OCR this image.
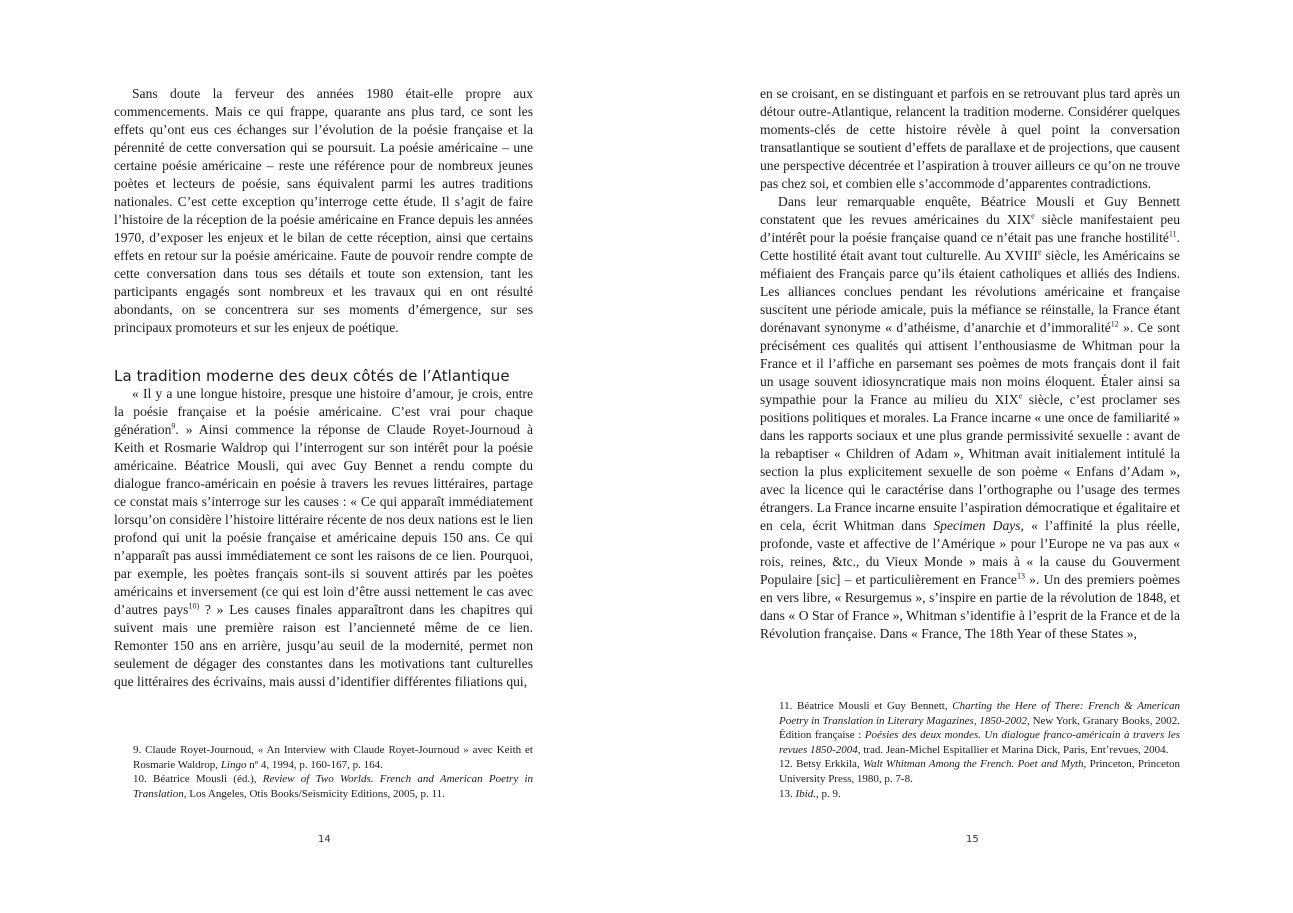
Sans doute la ferveur des années 1980 était-elle propre aux commencements. Mais ce qui frappe, quarante ans plus tard, ce sont les effets qu’ont eus ces échanges sur l’évolution de la poésie française et la pérennité de cette conversation qui se poursuit. La poésie américaine – une certaine poésie américaine – reste une référence pour de nombreux jeunes poètes et lecteurs de poésie, sans équivalent parmi les autres traditions nationales. C’est cette exception qu’interroge cette étude. Il s’agit de faire l’histoire de la réception de la poésie américaine en France depuis les années 1970, d’exposer les enjeux et le bilan de cette réception, ainsi que certains effets en retour sur la poésie américaine. Faute de pouvoir rendre compte de cette conversation dans tous ses détails et toute son extension, tant les participants engagés sont nombreux et les travaux qui en ont résulté abondants, on se concentrera sur ses moments d’émergence, sur ses principaux promoteurs et sur les enjeux de poétique.

La tradition moderne des deux côtés de l’Atlantique

« Il y a une longue histoire, presque une histoire d’amour, je crois, entre la poésie française et la poésie américaine. C’est vrai pour chaque génération$^9$. » Ainsi commence la réponse de Claude Royet-Journoud à Keith et Rosmarie Waldrop qui l’interrogent sur son intérêt pour la poésie américaine. Béatrice Mousli, qui avec Guy Bennet a rendu compte du dialogue franco-américain en poésie à travers les revues littéraires, partage ce constat mais s’interroge sur les causes : « Ce qui apparaît immédiatement lorsqu’on considère l’histoire littéraire récente de nos deux nations est le lien profond qui unit la poésie française et américaine depuis 150 ans. Ce qui n’apparaît pas aussi immédiatement ce sont les raisons de ce lien. Pourquoi, par exemple, les poètes français sont-ils si souvent attirés par les poètes américains et inversement (ce qui est loin d’être aussi nettement le cas avec d’autres pays$^{10)}$ ? » Les causes finales apparaîtront dans les chapitres qui suivent mais une première raison est l’ancienneté même de ce lien. Remonter 150 ans en arrière, jusqu’au seuil de la modernité, permet non seulement de dégager des constantes dans les motivations tant culturelles que littéraires des écrivains, mais aussi d’identifier différentes filiations qui,

9. Claude Royet-Journoud, « An Interview with Claude Royet-Journoud » avec Keith et Rosmarie Waldrop, Lingo nº 4, 1994, p. 160-167, p. 164.

10. Béatrice Mousli (éd.), Review of Two Worlds. French and American Poetry in Translation, Los Angeles, Otis Books/Seismicity Editions, 2005, p. 11.

14

en se croisant, en se distinguant et parfois en se retrouvant plus tard après un détour outre-Atlantique, relancent la tradition moderne. Considérer quelques moments-clés de cette histoire révèle à quel point la conversation transatlantique se soutient d’effets de parallaxe et de projections, que causent une perspective décentrée et l’aspiration à trouver ailleurs ce qu’on ne trouve pas chez soi, et combien elle s’accommode d’apparentes contradictions.

Dans leur remarquable enquête, Béatrice Mousli et Guy Bennett constatent que les revues américaines du XIXe siècle manifestaient peu d’intérêt pour la poésie française quand ce n’était pas une franche hostilité$^{11}$. Cette hostilité était avant tout culturelle. Au XVIIIe siècle, les Américains se méfiaient des Français parce qu’ils étaient catholiques et alliés des Indiens. Les alliances conclues pendant les révolutions américaine et française suscitent une période amicale, puis la méfiance se réinstalle, la France étant dorénavant synonyme « d’athéisme, d’anarchie et d’immoralité$^{12}$ ». Ce sont précisément ces qualités qui attisent l’enthousiasme de Whitman pour la France et il l’affiche en parsemant ses poèmes de mots français dont il fait un usage souvent idiosyncratique mais non moins éloquent. Étaler ainsi sa sympathie pour la France au milieu du XIXe siècle, c’est proclamer ses positions politiques et morales. La France incarne « une once de familiarité » dans les rapports sociaux et une plus grande permissivité sexuelle : avant de la rebaptiser « Children of Adam », Whitman avait initialement intitulé la section la plus explicitement sexuelle de son poème « Enfans d’Adam », avec la licence qui le caractérise dans l’orthographe ou l’usage des termes étrangers. La France incarne ensuite l’aspiration démocratique et égalitaire et en cela, écrit Whitman dans Specimen Days, « l’affinité la plus réelle, profonde, vaste et affective de l’Amérique » pour l’Europe ne va pas aux « rois, reines, &tc., du Vieux Monde » mais à « la cause du Gouverment Populaire [sic] – et particulièrement en France$^{13}$ ». Un des premiers poèmes en vers libre, « Resurgemus », s’inspire en partie de la révolution de 1848, et dans « O Star of France », Whitman s’identifie à l’esprit de la France et de la Révolution française. Dans « France, The 18th Year of these States »,

11. Béatrice Mousli et Guy Bennett, Charting the Here of There: French & American Poetry in Translation in Literary Magazines, 1850-2002, New York, Granary Books, 2002. Édition française : Poésies des deux mondes. Un dialogue franco-américain à travers les revues 1850-2004, trad. Jean-Michel Espitallier et Marina Dick, Paris, Ent’revues, 2004.

12. Betsy Erkkila, Walt Whitman Among the French. Poet and Myth, Princeton, Princeton University Press, 1980, p. 7-8.

13. Ibid., p. 9.

15
